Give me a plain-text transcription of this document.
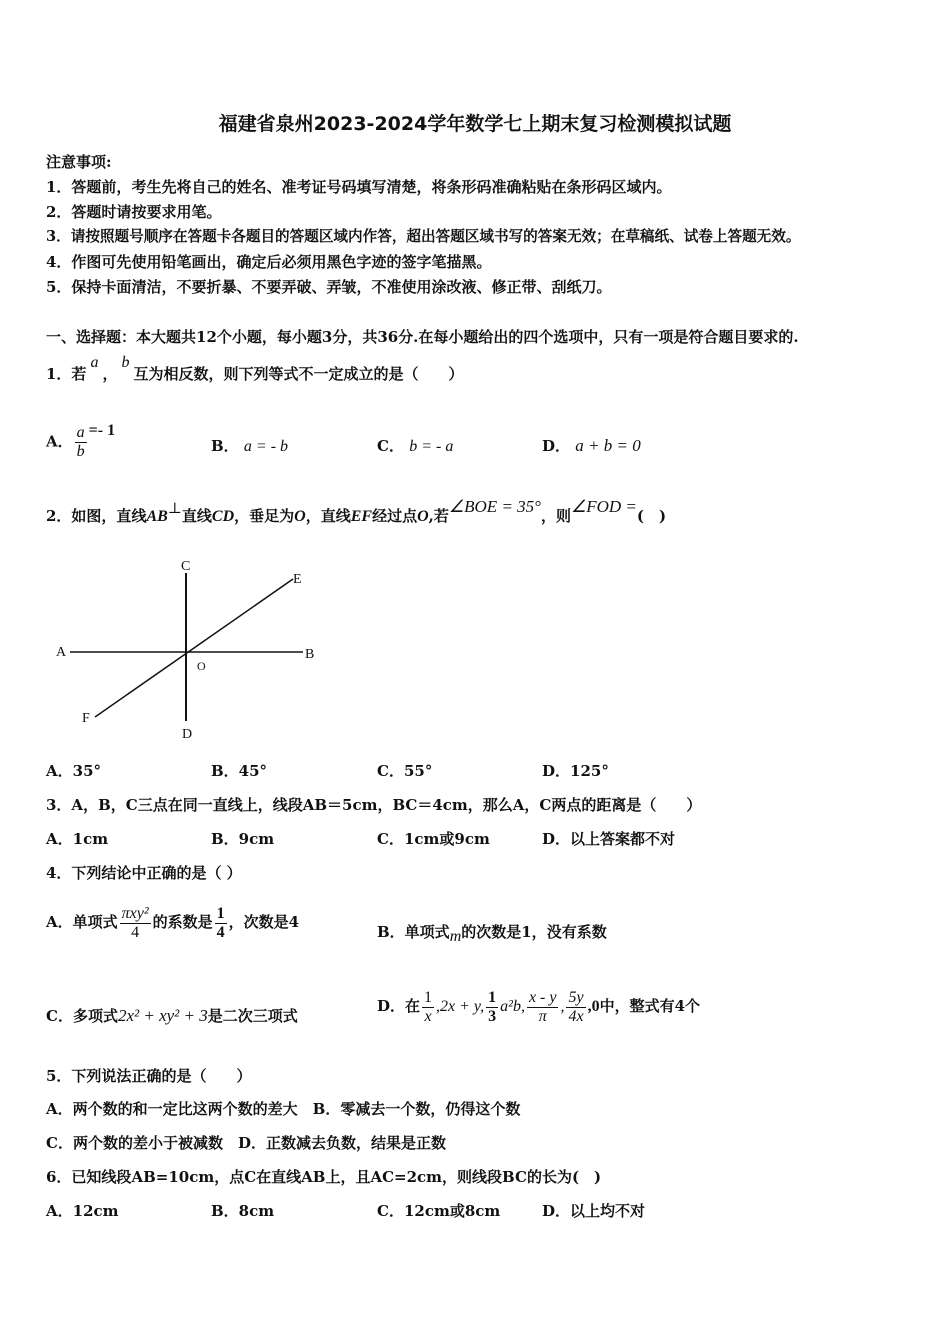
福建省泉州2023-2024学年数学七上期末复习检测模拟试题
注意事项:
1．答题前，考生先将自己的姓名、准考证号码填写清楚，将条形码准确粘贴在条形码区域内。
2．答题时请按要求用笔。
3．请按照题号顺序在答题卡各题目的答题区域内作答，超出答题区域书写的答案无效；在草稿纸、试卷上答题无效。
4．作图可先使用铅笔画出，确定后必须用黑色字迹的签字笔描黑。
5．保持卡面清洁，不要折暴、不要弄破、弄皱，不准使用涂改液、修正带、刮纸刀。
一、选择题：本大题共12个小题，每小题3分，共36分.在每小题给出的四个选项中，只有一项是符合题目要求的.
1．若a，b互为相反数，则下列等式不一定成立的是（　　）
A． $\frac{a}{b} =- 1$
B． a = - b	C． b = - a	D． a + b = 0
2．如图，直线AB⊥直线CD，垂足为O，直线EF经过点O,若∠BOE = 35°，则∠FOD =(　)
C
D
A	B
E
F
O
A．35°	B．45°	C．55°	D．125°
3．A，B，C三点在同一直线上，线段AB＝5cm，BC＝4cm，那么A，C两点的距离是（　　）
A．1cm	B．9cm	C．1cm或9cm	D．以上答案都不对
4．下列结论中正确的是（ ）
A．单项式 $\frac{\text{πxy²}}{4}$ 的系数是 $\frac{1}{4}$ ，次数是4
B．单项式m的次数是1，没有系数
C．多项式2x² + xy² + 3是二次三项式
D．在 $\frac{1}{x} ,2x + y$, $\frac{1}{3} a^2b$, $\frac{x - y}{\pi}$ , $\frac{5y}{4x} ,0$中，整式有4个
5．下列说法正确的是（　　）
A．两个数的和一定比这两个数的差大　B．零减去一个数，仍得这个数
C．两个数的差小于被减数　D．正数减去负数，结果是正数
6．已知线段AB=10cm，点C在直线AB上，且AC=2cm，则线段BC的长为(　)
A．12cm	B．8cm	C．12cm或8cm	D．以上均不对
